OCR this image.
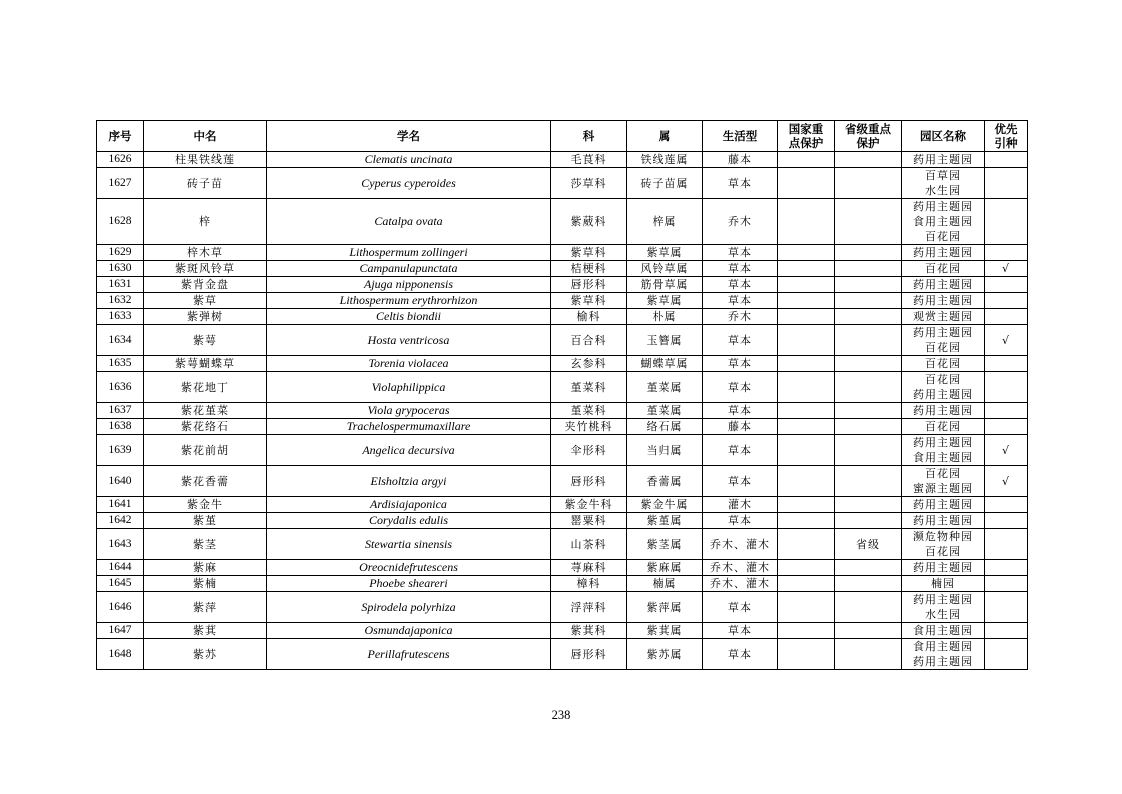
序号	中名	学名	科	属	生活型	国家重
点保护	省级重点
保护	园区名称	优先
引种
1626	柱果铁线莲	Clematis uncinata	毛茛科	铁线莲属	藤本			药用主题园	

1627	砖子苗	Cyperus cyperoides	莎草科	砖子苗属	草本			百草园
水生园	

1628	梓	Catalpa ovata	紫葳科	梓属	乔木			药用主题园
食用主题园
百花园	

1629	梓木草	Lithospermum zollingeri	紫草科	紫草属	草本			药用主题园	

1630	紫斑风铃草	Campanulapunctata	桔梗科	风铃草属	草本			百花园	√
1631	紫背金盘	Ajuga nipponensis	唇形科	筋骨草属	草本			药用主题园	

1632	紫草	Lithospermum erythrorhizon	紫草科	紫草属	草本			药用主题园	

1633	紫弹树	Celtis biondii	榆科	朴属	乔木			观赏主题园	

1634	紫萼	Hosta ventricosa	百合科	玉簪属	草本			药用主题园
百花园	√
1635	紫萼蝴蝶草	Torenia violacea	玄参科	蝴蝶草属	草本			百花园	

1636	紫花地丁	Violaphilippica	堇菜科	堇菜属	草本			百花园
药用主题园	

1637	紫花堇菜	Viola grypoceras	堇菜科	堇菜属	草本			药用主题园	

1638	紫花络石	Trachelospermumaxillare	夹竹桃科	络石属	藤本			百花园	

1639	紫花前胡	Angelica decursiva	伞形科	当归属	草本			药用主题园
食用主题园	√
1640	紫花香薷	Elsholtzia argyi	唇形科	香薷属	草本			百花园
蜜源主题园	√
1641	紫金牛	Ardisiajaponica	紫金牛科	紫金牛属	灌木			药用主题园	

1642	紫堇	Corydalis edulis	罂粟科	紫堇属	草本			药用主题园	

1643	紫茎	Stewartia sinensis	山茶科	紫茎属	乔木、灌木		省级	濒危物种园
百花园	

1644	紫麻	Oreocnidefrutescens	荨麻科	紫麻属	乔木、灌木			药用主题园	

1645	紫楠	Phoebe sheareri	樟科	楠属	乔木、灌木			楠园	

1646	紫萍	Spirodela polyrhiza	浮萍科	紫萍属	草本			药用主题园
水生园	

1647	紫萁	Osmundajaponica	紫萁科	紫萁属	草本			食用主题园	

1648	紫苏	Perillafrutescens	唇形科	紫苏属	草本			食用主题园
药用主题园	

238
